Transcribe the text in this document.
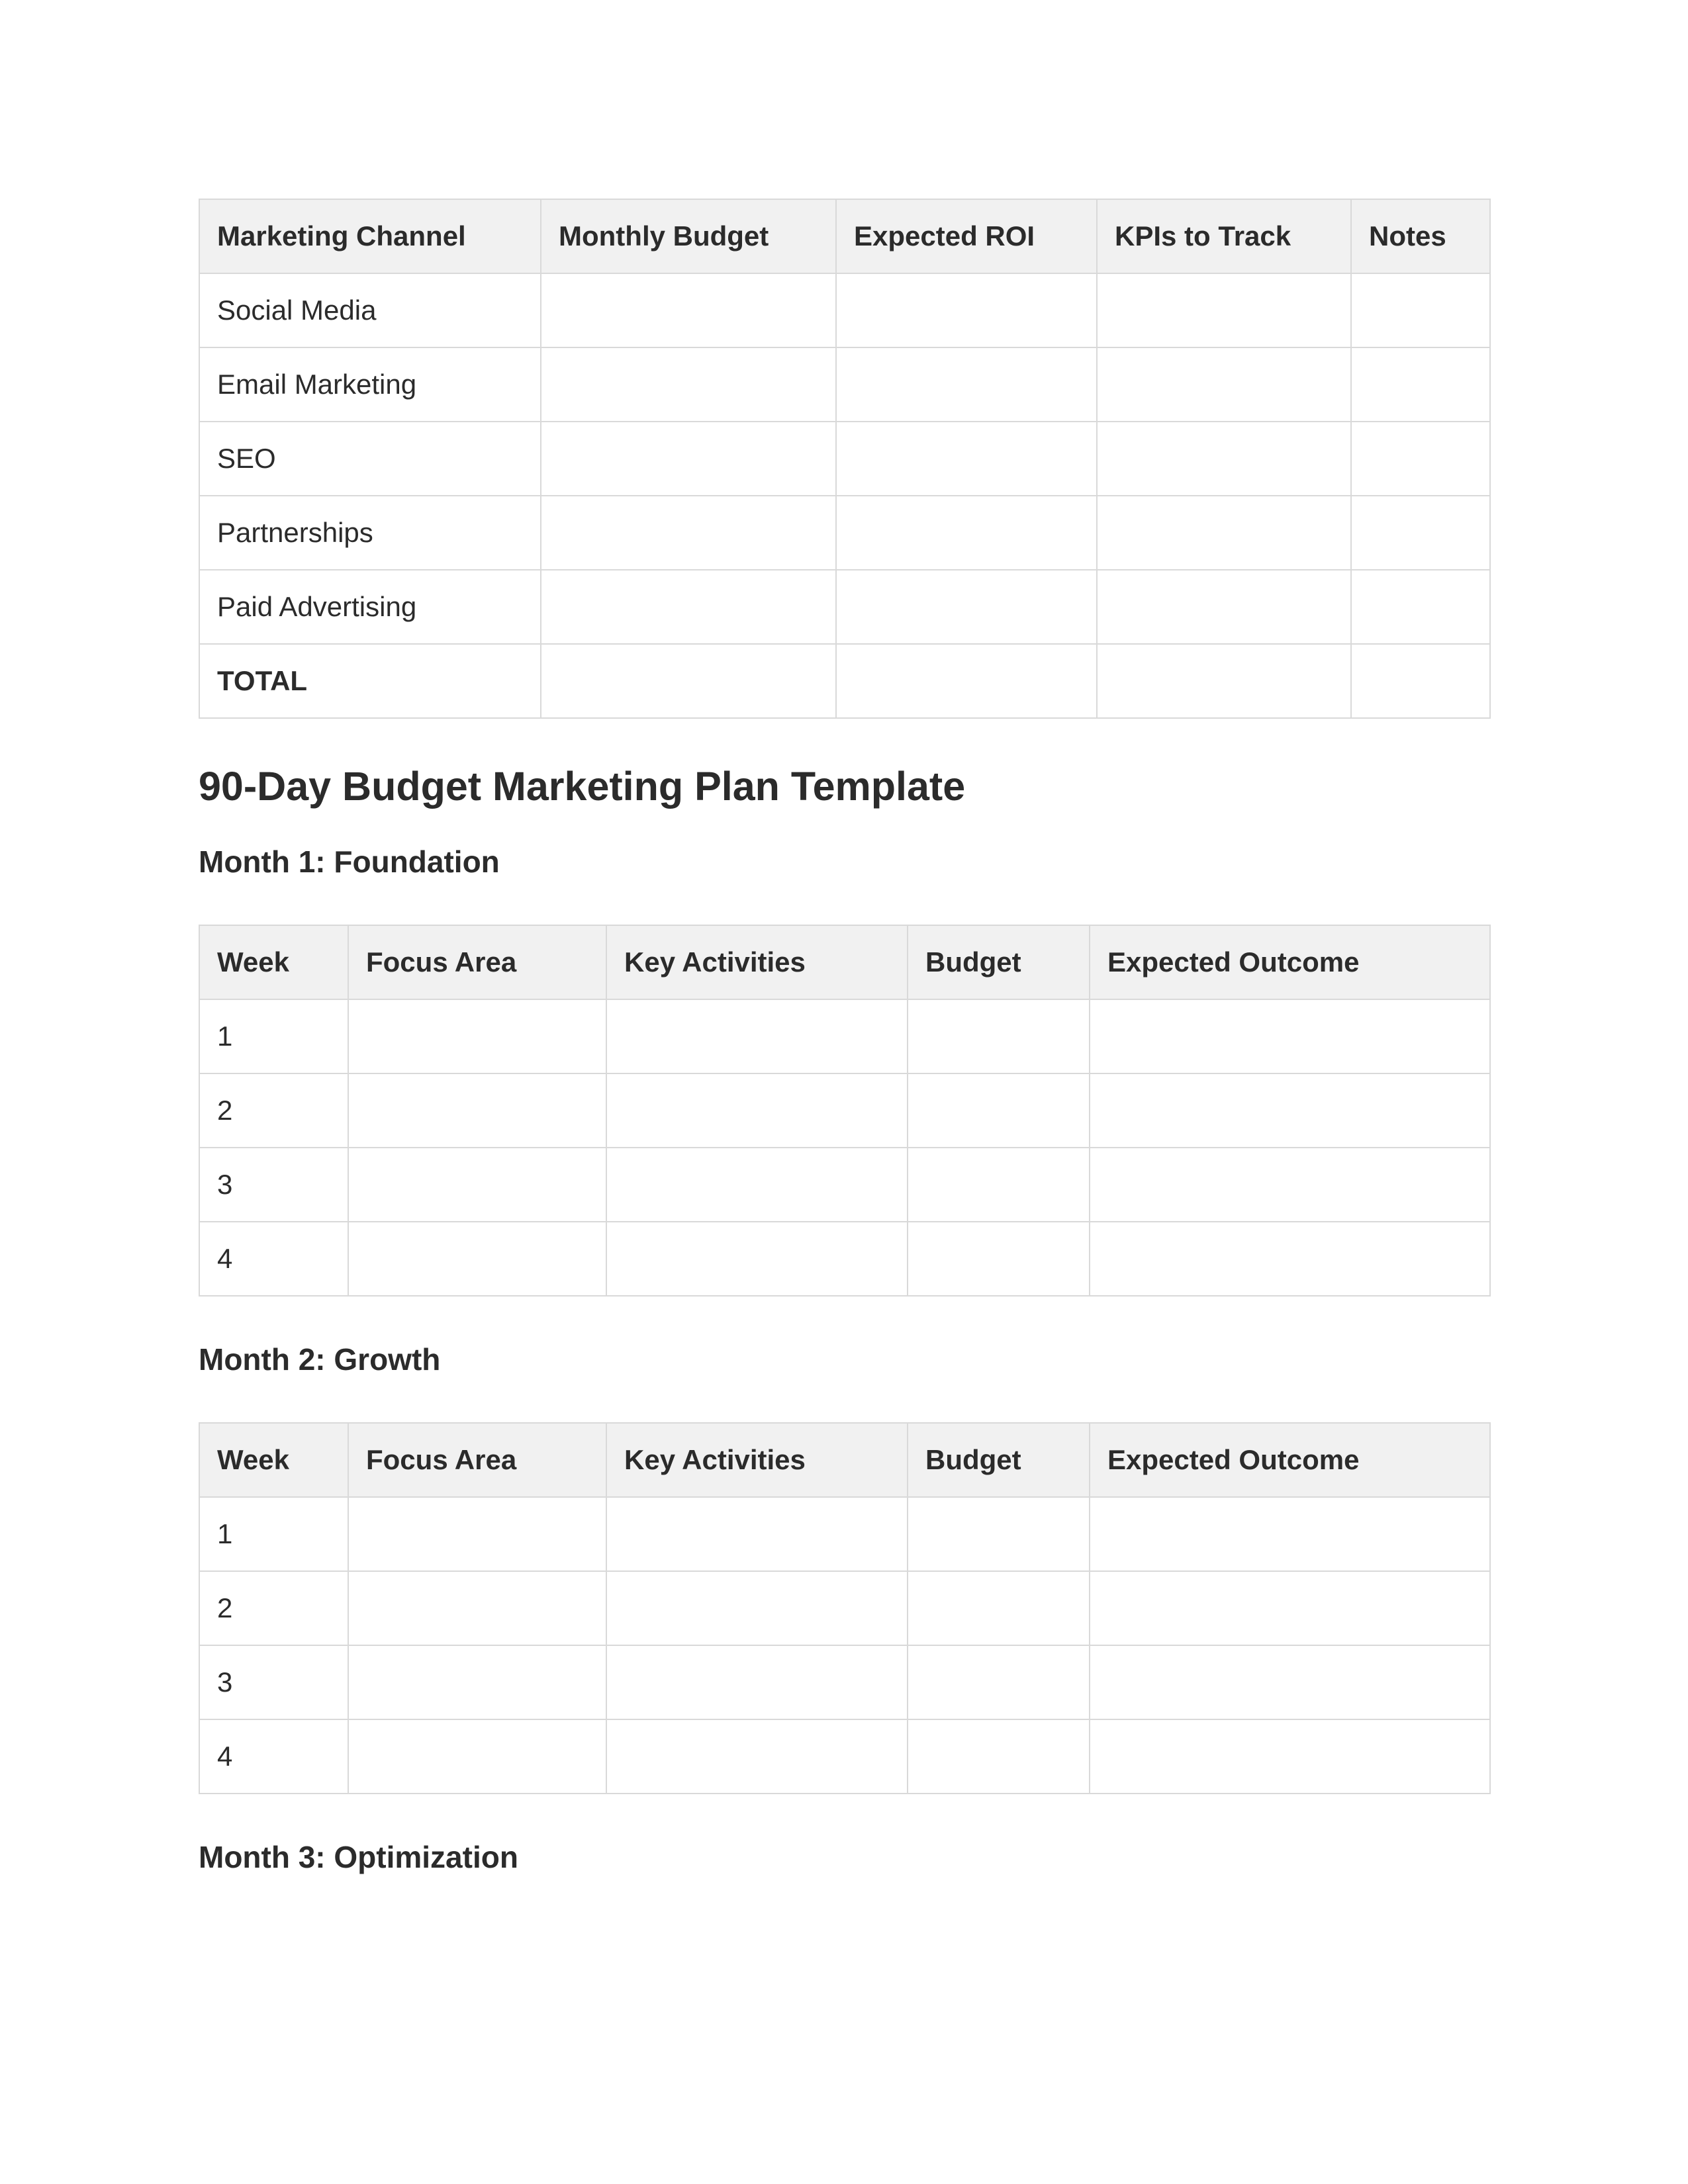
Marketing Channel	Monthly Budget	Expected ROI	KPIs to Track	Notes
Social Media				
Email Marketing				
SEO				
Partnerships				
Paid Advertising				
TOTAL				
90-Day Budget Marketing Plan Template
Month 1: Foundation
Week	Focus Area	Key Activities	Budget	Expected Outcome
1				
2				
3				
4				
Month 2: Growth
Week	Focus Area	Key Activities	Budget	Expected Outcome
1				
2				
3				
4				
Month 3: Optimization
